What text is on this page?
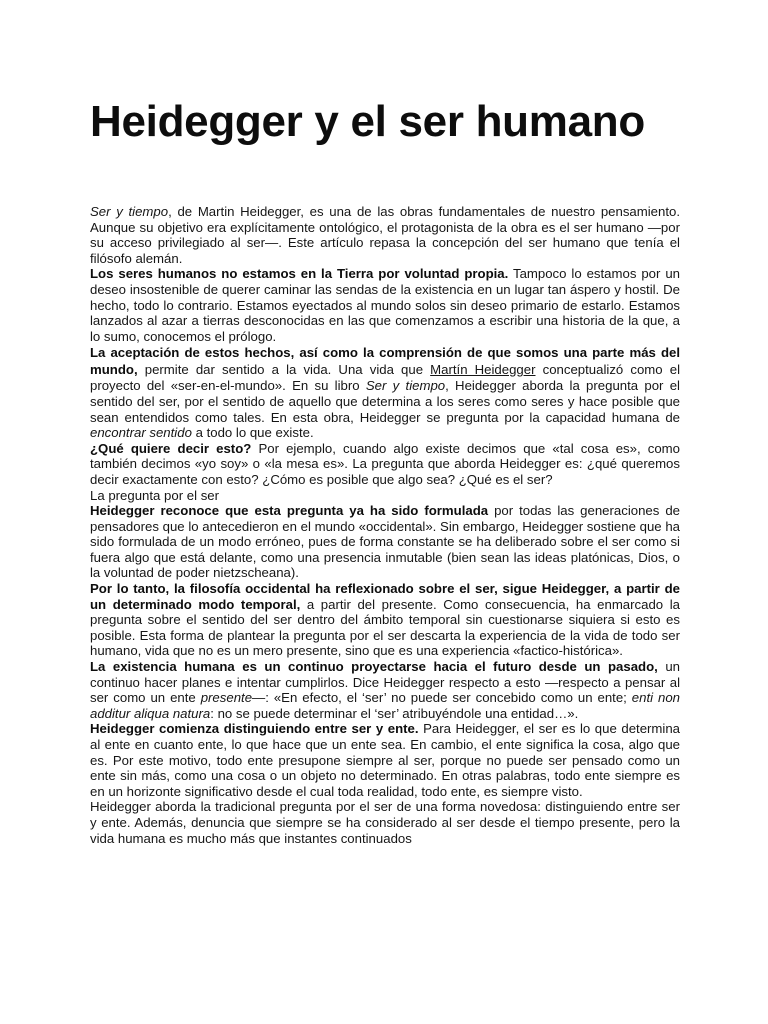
Heidegger y el ser humano

Ser y tiempo, de Martin Heidegger, es una de las obras fundamentales de nuestro pensamiento. Aunque su objetivo era explícitamente ontológico, el protagonista de la obra es el ser humano —por su acceso privilegiado al ser—. Este artículo repasa la concepción del ser humano que tenía el filósofo alemán.

Los seres humanos no estamos en la Tierra por voluntad propia. Tampoco lo estamos por un deseo insostenible de querer caminar las sendas de la existencia en un lugar tan áspero y hostil. De hecho, todo lo contrario. Estamos eyectados al mundo solos sin deseo primario de estarlo. Estamos lanzados al azar a tierras desconocidas en las que comenzamos a escribir una historia de la que, a lo sumo, conocemos el prólogo.

La aceptación de estos hechos, así como la comprensión de que somos una parte más del mundo, permite dar sentido a la vida. Una vida que Martín Heidegger conceptualizó como el proyecto del «ser-en-el-mundo». En su libro Ser y tiempo, Heidegger aborda la pregunta por el sentido del ser, por el sentido de aquello que determina a los seres como seres y hace posible que sean entendidos como tales. En esta obra, Heidegger se pregunta por la capacidad humana de encontrar sentido a todo lo que existe.

¿Qué quiere decir esto? Por ejemplo, cuando algo existe decimos que «tal cosa es», como también decimos «yo soy» o «la mesa es». La pregunta que aborda Heidegger es: ¿qué queremos decir exactamente con esto? ¿Cómo es posible que algo sea? ¿Qué es el ser?

La pregunta por el ser

Heidegger reconoce que esta pregunta ya ha sido formulada por todas las generaciones de pensadores que lo antecedieron en el mundo «occidental». Sin embargo, Heidegger sostiene que ha sido formulada de un modo erróneo, pues de forma constante se ha deliberado sobre el ser como si fuera algo que está delante, como una presencia inmutable (bien sean las ideas platónicas, Dios, o la voluntad de poder nietzscheana).

Por lo tanto, la filosofía occidental ha reflexionado sobre el ser, sigue Heidegger, a partir de un determinado modo temporal, a partir del presente. Como consecuencia, ha enmarcado la pregunta sobre el sentido del ser dentro del ámbito temporal sin cuestionarse siquiera si esto es posible. Esta forma de plantear la pregunta por el ser descarta la experiencia de la vida de todo ser humano, vida que no es un mero presente, sino que es una experiencia «factico-histórica».

La existencia humana es un continuo proyectarse hacia el futuro desde un pasado, un continuo hacer planes e intentar cumplirlos. Dice Heidegger respecto a esto —respecto a pensar al ser como un ente presente—: «En efecto, el ‘ser’ no puede ser concebido como un ente; enti non additur aliqua natura: no se puede determinar el ‘ser’ atribuyéndole una entidad…».

Heidegger comienza distinguiendo entre ser y ente. Para Heidegger, el ser es lo que determina al ente en cuanto ente, lo que hace que un ente sea. En cambio, el ente significa la cosa, algo que es. Por este motivo, todo ente presupone siempre al ser, porque no puede ser pensado como un ente sin más, como una cosa o un objeto no determinado. En otras palabras, todo ente siempre es en un horizonte significativo desde el cual toda realidad, todo ente, es siempre visto.

Heidegger aborda la tradicional pregunta por el ser de una forma novedosa: distinguiendo entre ser y ente. Además, denuncia que siempre se ha considerado al ser desde el tiempo presente, pero la vida humana es mucho más que instantes continuados
